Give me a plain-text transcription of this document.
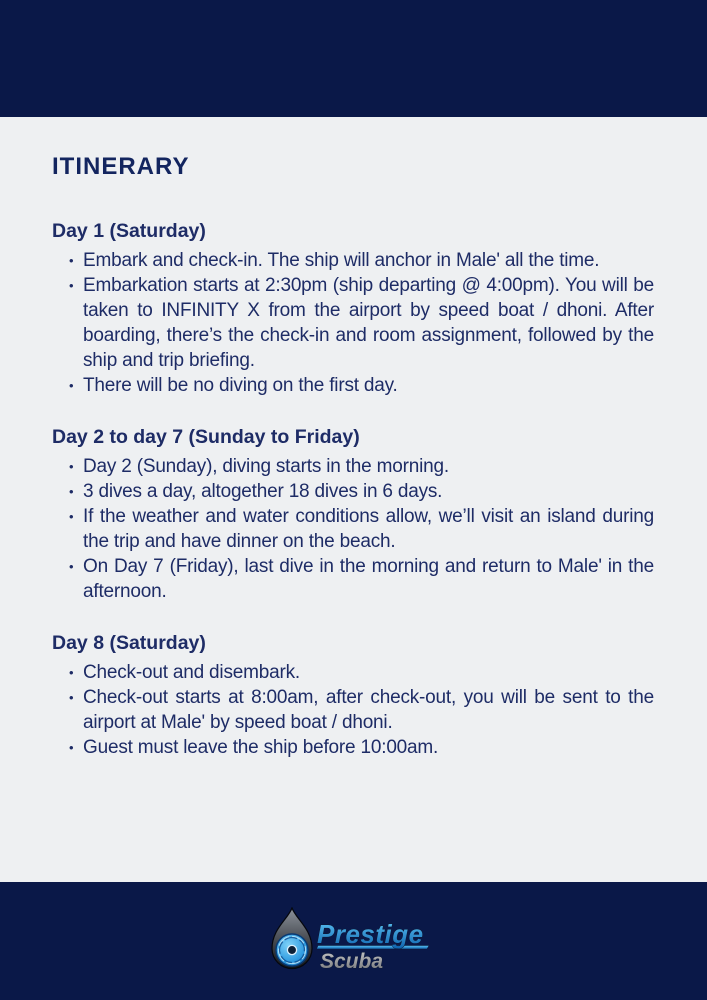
ITINERARY
Day 1 (Saturday)
• Embark and check-in. The ship will anchor in Male' all the time.
• Embarkation starts at 2:30pm (ship departing @ 4:00pm). You will be taken to INFINITY X from the airport by speed boat / dhoni. After boarding, there’s the check-in and room assignment, followed by the ship and trip briefing.
• There will be no diving on the first day.
Day 2 to day 7 (Sunday to Friday)
• Day 2 (Sunday), diving starts in the morning.
• 3 dives a day, altogether 18 dives in 6 days.
• If the weather and water conditions allow, we’ll visit an island during the trip and have dinner on the beach.
• On Day 7 (Friday), last dive in the morning and return to Male' in the afternoon.
Day 8 (Saturday)
• Check-out and disembark.
• Check-out starts at 8:00am, after check-out, you will be sent to the airport at Male' by speed boat / dhoni.
• Guest must leave the ship before 10:00am.
Prestige
Scuba
